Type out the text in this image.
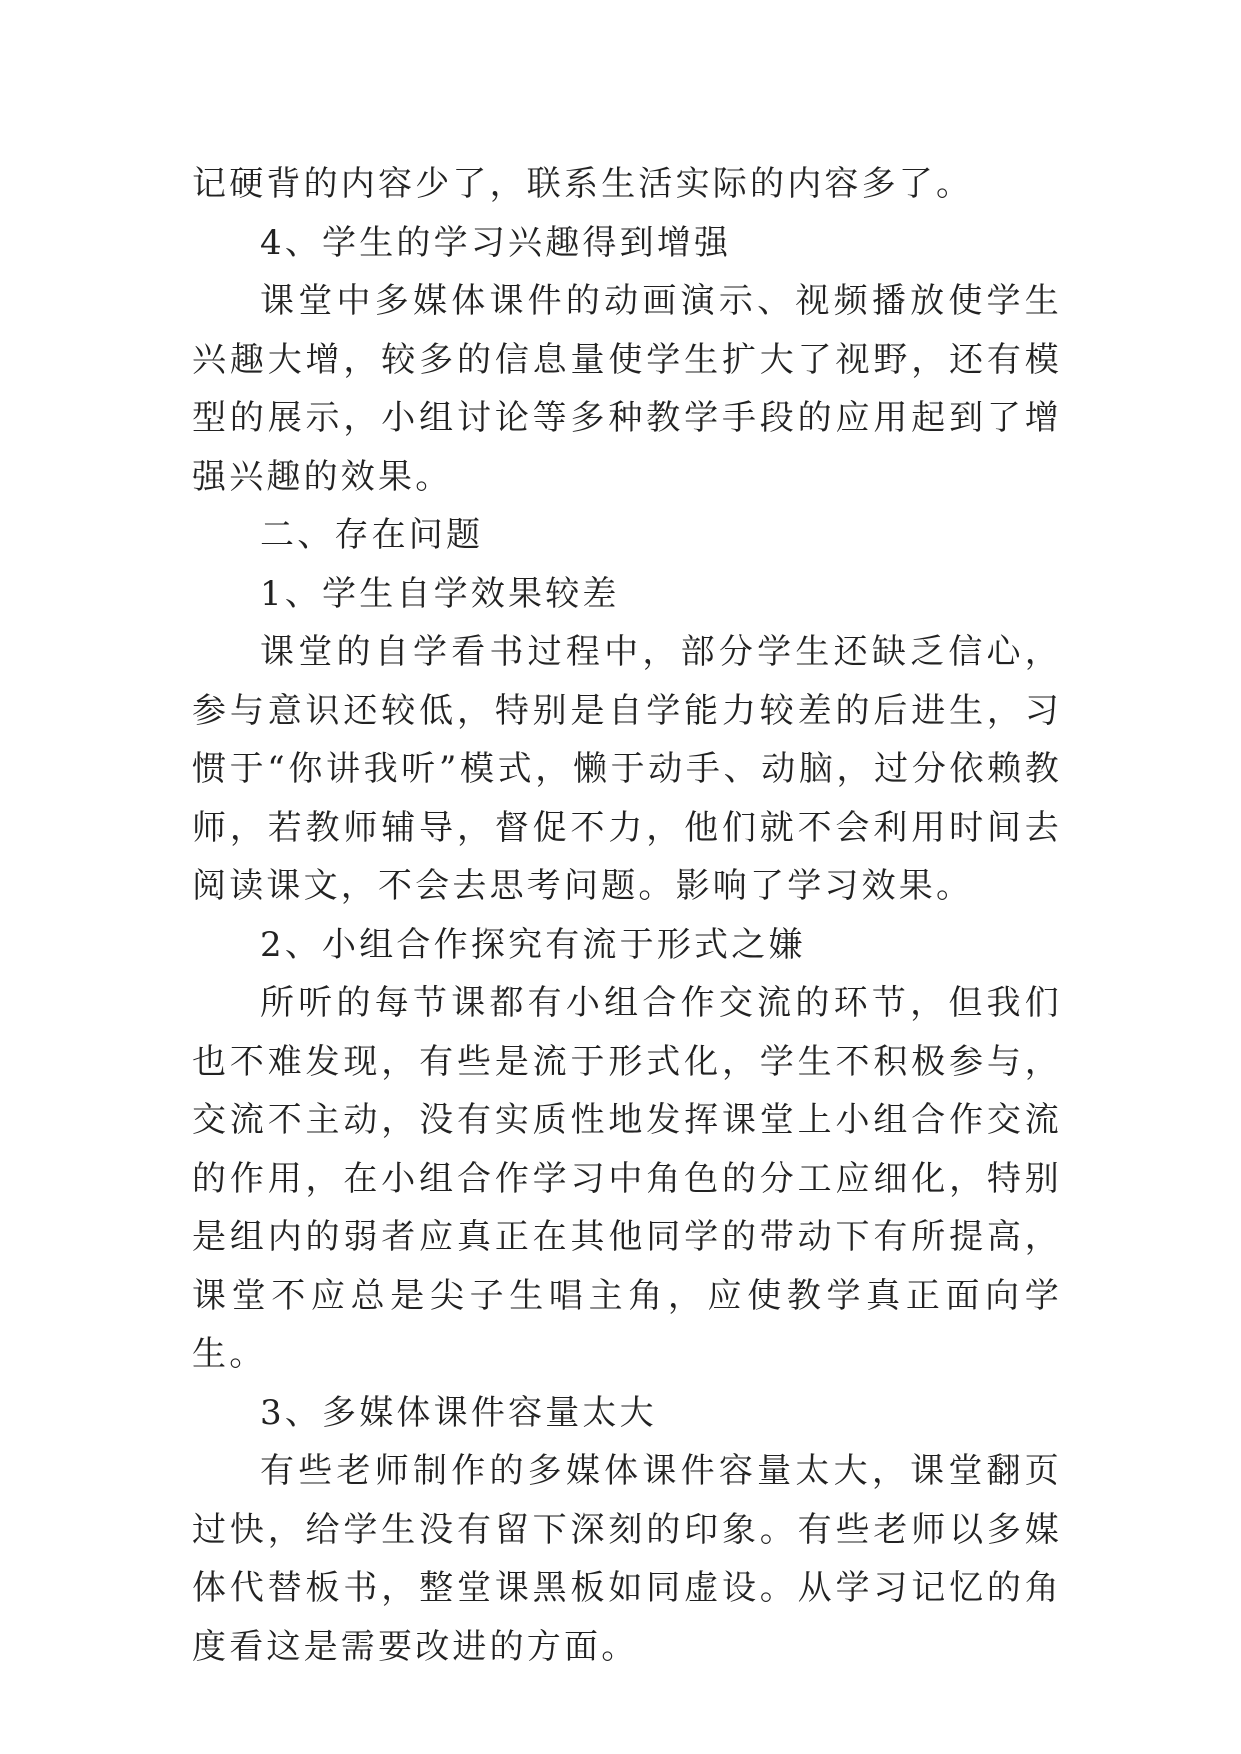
记硬背的内容少了，联系生活实际的内容多了。

4、学生的学习兴趣得到增强

课堂中多媒体课件的动画演示、视频播放使学生兴趣大增，较多的信息量使学生扩大了视野，还有模型的展示，小组讨论等多种教学手段的应用起到了增强兴趣的效果。

二、存在问题

1、学生自学效果较差

课堂的自学看书过程中，部分学生还缺乏信心，参与意识还较低，特别是自学能力较差的后进生，习惯于“你讲我听”模式，懒于动手、动脑，过分依赖教师，若教师辅导，督促不力，他们就不会利用时间去阅读课文，不会去思考问题。影响了学习效果。

2、小组合作探究有流于形式之嫌

所听的每节课都有小组合作交流的环节，但我们也不难发现，有些是流于形式化，学生不积极参与，交流不主动，没有实质性地发挥课堂上小组合作交流的作用，在小组合作学习中角色的分工应细化，特别是组内的弱者应真正在其他同学的带动下有所提高，课堂不应总是尖子生唱主角，应使教学真正面向学生。

3、多媒体课件容量太大

有些老师制作的多媒体课件容量太大，课堂翻页过快，给学生没有留下深刻的印象。有些老师以多媒体代替板书，整堂课黑板如同虚设。从学习记忆的角度看这是需要改进的方面。
